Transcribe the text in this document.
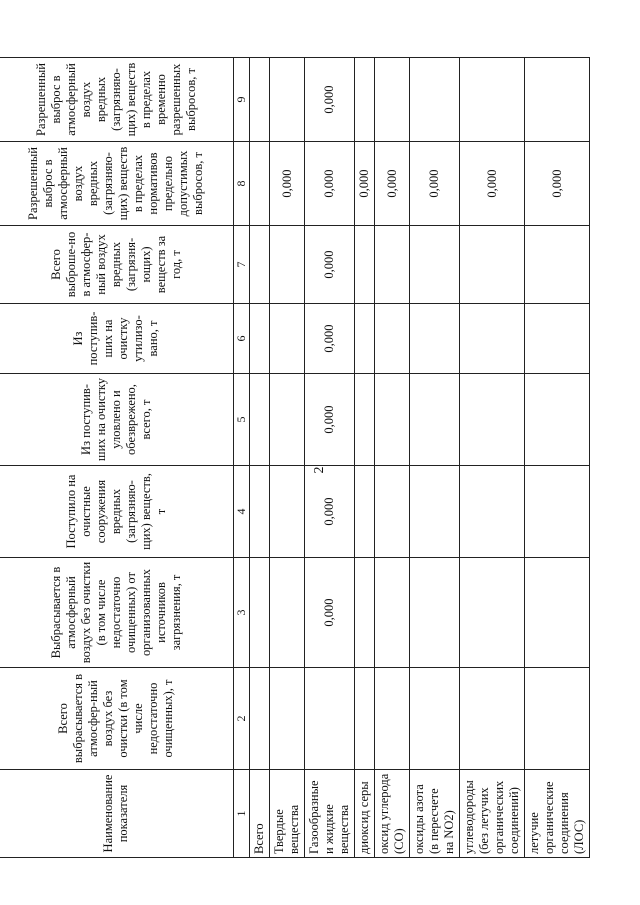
2
Наименование показателя	Всего выбрасывается в атмосфер-ный воздух без очистки (в том числе недостаточно очищенных), т	Выбрасывается в атмосферный воздух без очистки (в том числе недостаточно очищенных) от организованных источников загрязнения, т	Поступило на очистные сооружения вредных (загрязняю-щих) веществ, т	Из поступив-ших на очистку уловлено и обезврежено, всего, т	Из поступив-ших на очистку утилизо-вано, т	Всего выброше-но в атмосфер-ный воздух вредных (загрязня-ющих) веществ за год, т	Разрешенный выброс в атмосферный воздух вредных (загрязняю-щих) веществ в пределах нормативов предельно допустимых выбросов, т	Разрешенный выброс в атмосферный воздух вредных (загрязняю-щих) веществ в пределах временно разрешенных выбросов, т
1	2	3	4	5	6	7	8	9
Всего								
Твердые вещества							0,000	
Газообразные и жидкие вещества		0,000	0,000	0,000	0,000	0,000	0,000	0,000
диоксид серы							0,000	
оксид углерода (CO)							0,000	
оксиды азота (в пересчете на NO2)							0,000	
углеводороды (без летучих органических соединений)							0,000	
летучие органические соединения (ЛОС)							0,000	
